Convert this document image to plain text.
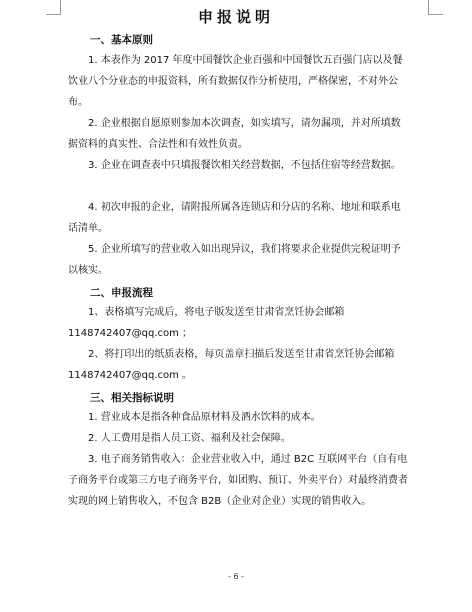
申报说明
一、基本原则
1. 本表作为 2017 年度中国餐饮企业百强和中国餐饮五百强门店以及餐饮业八个分业态的申报资料，所有数据仅作分析使用，严格保密，不对外公布。
2. 企业根据自愿原则参加本次调查，如实填写，请勿漏项，并对所填数据资料的真实性、合法性和有效性负责。
3. 企业在调查表中只填报餐饮相关经营数据，不包括住宿等经营数据。
4. 初次申报的企业，请附报所属各连锁店和分店的名称、地址和联系电话清单。
5. 企业所填写的营业收入如出现异议，我们将要求企业提供完税证明予以核实。
二、申报流程
1、表格填写完成后，将电子版发送至甘肃省烹饪协会邮箱1148742407@qq.com ；
2、将打印出的纸质表格，每页盖章扫描后发送至甘肃省烹饪协会邮箱 1148742407@qq.com 。
三、相关指标说明
1. 营业成本是指各种食品原材料及酒水饮料的成本。
2. 人工费用是指人员工资、福利及社会保障。
3. 电子商务销售收入：企业营业收入中，通过 B2C 互联网平台（自有电子商务平台或第三方电子商务平台，如团购、预订、外卖平台）对最终消费者实现的网上销售收入，不包含 B2B（企业对企业）实现的销售收入。
- 6 -
